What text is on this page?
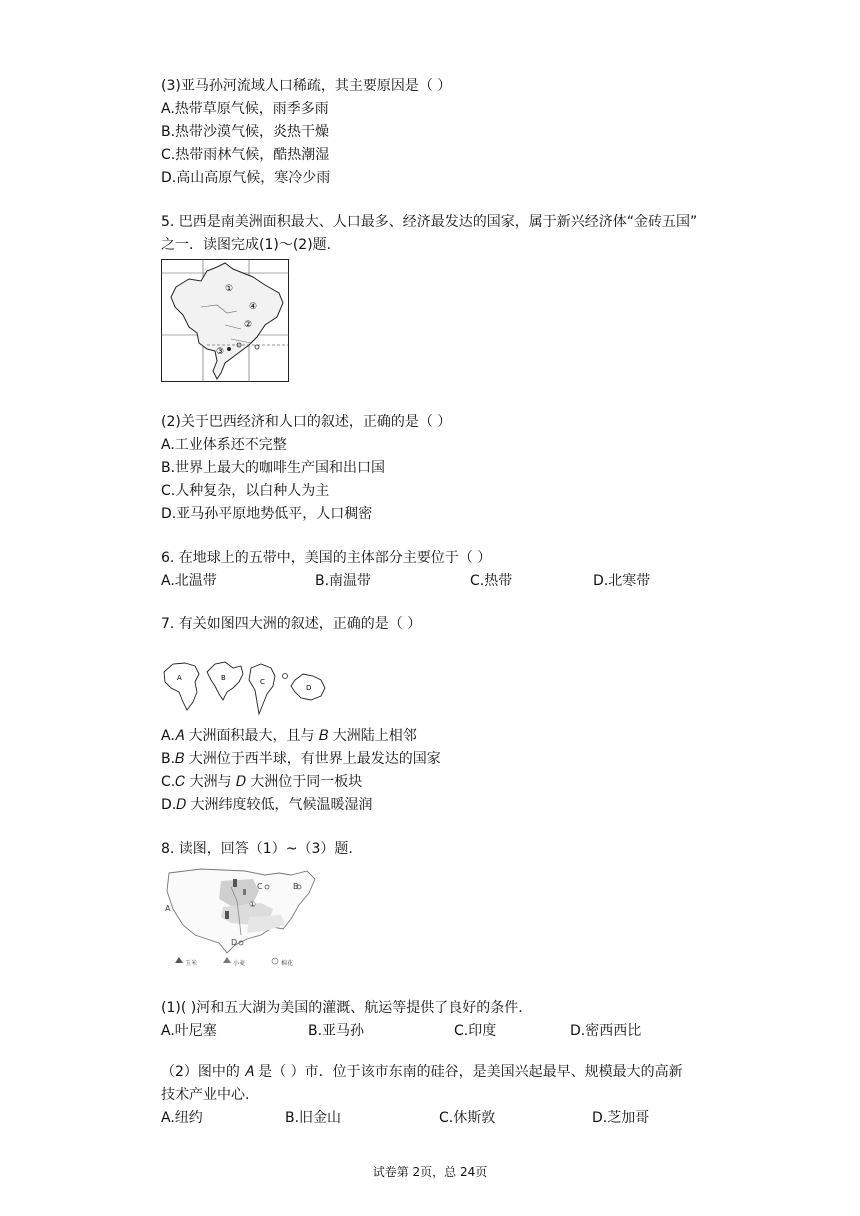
(3)亚马孙河流域人口稀疏，其主要原因是（ ）
A.热带草原气候，雨季多雨
B.热带沙漠气候，炎热干燥
C.热带雨林气候，酷热潮湿
D.高山高原气候，寒冷少雨
5. 巴西是南美洲面积最大、人口最多、经济最发达的国家，属于新兴经济体“金砖五国”
之一．读图完成(1)～(2)题.
①
②
③
④
(2)关于巴西经济和人口的叙述，正确的是（ ）
A.工业体系还不完整
B.世界上最大的咖啡生产国和出口国
C.人种复杂，以白种人为主
D.亚马孙平原地势低平，人口稠密
6. 在地球上的五带中，美国的主体部分主要位于（ ）
A.北温带	B.南温带	C.热带	D.北寒带
7. 有关如图四大洲的叙述，正确的是（ ）
A	B	C
D
A.𝐴 大洲面积最大，且与 𝐵 大洲陆上相邻
B.𝐵 大洲位于西半球，有世界上最发达的国家
C.𝐶 大洲与 𝐷 大洲位于同一板块
D.𝐷 大洲纬度较低，气候温暖湿润
8. 读图，回答（1）~（3）题.
A
B
C
D
①
玉米	小麦	棉花
(1)( )河和五大湖为美国的灌溉、航运等提供了良好的条件.
A.叶尼塞	B.亚马孙	C.印度	D.密西西比
（2）图中的 𝐴 是（ ）市．位于该市东南的硅谷，是美国兴起最早、规模最大的高新
技术产业中心.
A.纽约	B.旧金山	C.休斯敦	D.芝加哥
试卷第 2页，总 24页
